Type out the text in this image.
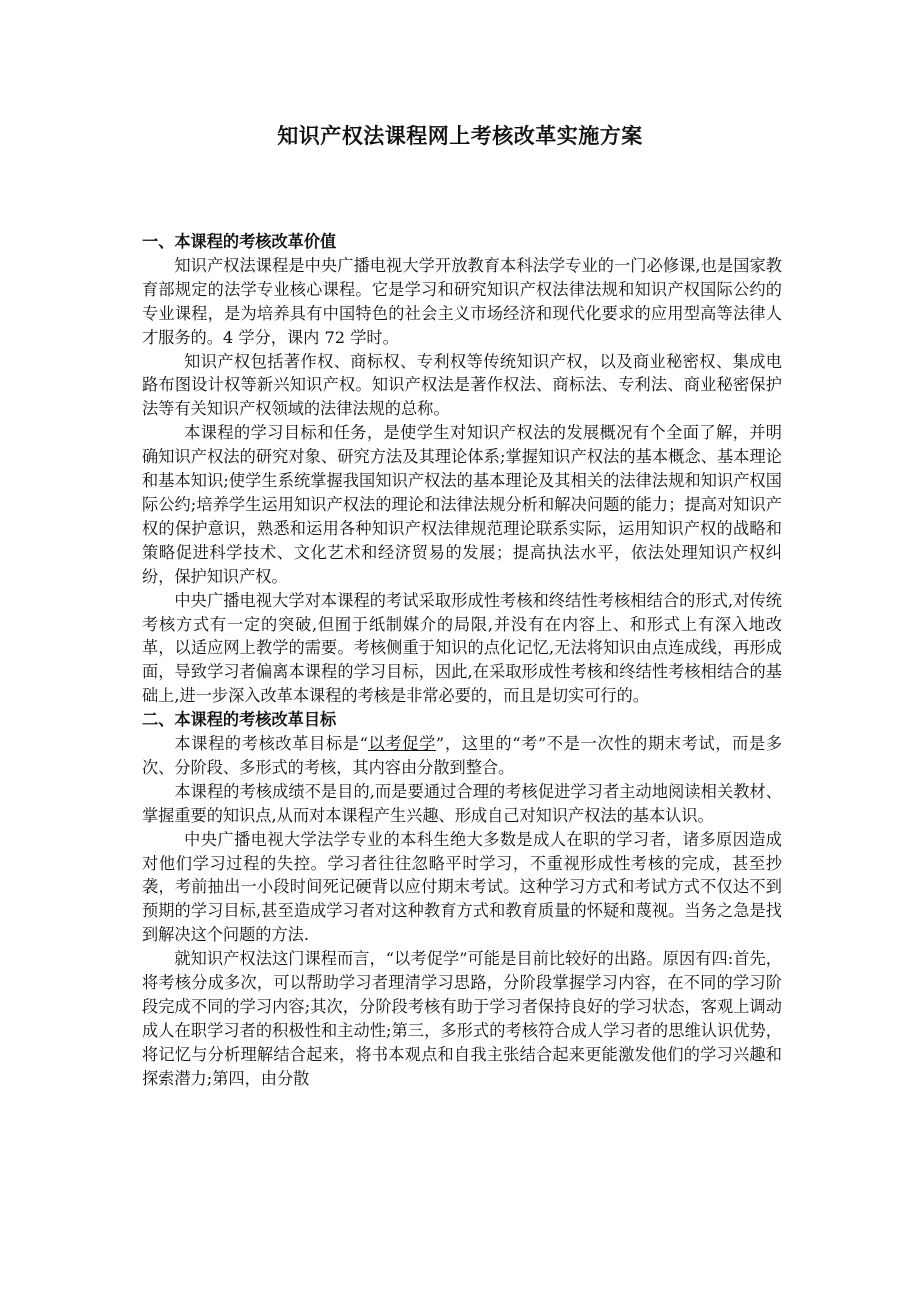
知识产权法课程网上考核改革实施方案

一、本课程的考核改革价值

知识产权法课程是中央广播电视大学开放教育本科法学专业的一门必修课,也是国家教育部规定的法学专业核心课程。它是学习和研究知识产权法律法规和知识产权国际公约的专业课程，是为培养具有中国特色的社会主义市场经济和现代化要求的应用型高等法律人才服务的。4 学分，课内 72 学时。

知识产权包括著作权、商标权、专利权等传统知识产权，以及商业秘密权、集成电路布图设计权等新兴知识产权。知识产权法是著作权法、商标法、专利法、商业秘密保护法等有关知识产权领域的法律法规的总称。

本课程的学习目标和任务，是使学生对知识产权法的发展概况有个全面了解，并明确知识产权法的研究对象、研究方法及其理论体系;掌握知识产权法的基本概念、基本理论和基本知识;使学生系统掌握我国知识产权法的基本理论及其相关的法律法规和知识产权国际公约;培养学生运用知识产权法的理论和法律法规分析和解决问题的能力；提高对知识产权的保护意识，熟悉和运用各种知识产权法律规范理论联系实际，运用知识产权的战略和策略促进科学技术、文化艺术和经济贸易的发展；提高执法水平，依法处理知识产权纠纷，保护知识产权。

中央广播电视大学对本课程的考试采取形成性考核和终结性考核相结合的形式,对传统考核方式有一定的突破,但囿于纸制媒介的局限,并没有在内容上、和形式上有深入地改革，以适应网上教学的需要。考核侧重于知识的点化记忆,无法将知识由点连成线，再形成面，导致学习者偏离本课程的学习目标，因此,在采取形成性考核和终结性考核相结合的基础上,进一步深入改革本课程的考核是非常必要的，而且是切实可行的。

二、本课程的考核改革目标

本课程的考核改革目标是“以考促学”，这里的“考”不是一次性的期末考试，而是多次、分阶段、多形式的考核，其内容由分散到整合。

本课程的考核成绩不是目的,而是要通过合理的考核促进学习者主动地阅读相关教材、掌握重要的知识点,从而对本课程产生兴趣、形成自己对知识产权法的基本认识。

中央广播电视大学法学专业的本科生绝大多数是成人在职的学习者，诸多原因造成对他们学习过程的失控。学习者往往忽略平时学习，不重视形成性考核的完成，甚至抄袭，考前抽出一小段时间死记硬背以应付期末考试。这种学习方式和考试方式不仅达不到预期的学习目标,甚至造成学习者对这种教育方式和教育质量的怀疑和蔑视。当务之急是找到解决这个问题的方法.

就知识产权法这门课程而言，“以考促学”可能是目前比较好的出路。原因有四:首先，将考核分成多次，可以帮助学习者理清学习思路，分阶段掌握学习内容，在不同的学习阶段完成不同的学习内容;其次，分阶段考核有助于学习者保持良好的学习状态，客观上调动成人在职学习者的积极性和主动性;第三，多形式的考核符合成人学习者的思维认识优势，将记忆与分析理解结合起来，将书本观点和自我主张结合起来更能激发他们的学习兴趣和探索潜力;第四，由分散
